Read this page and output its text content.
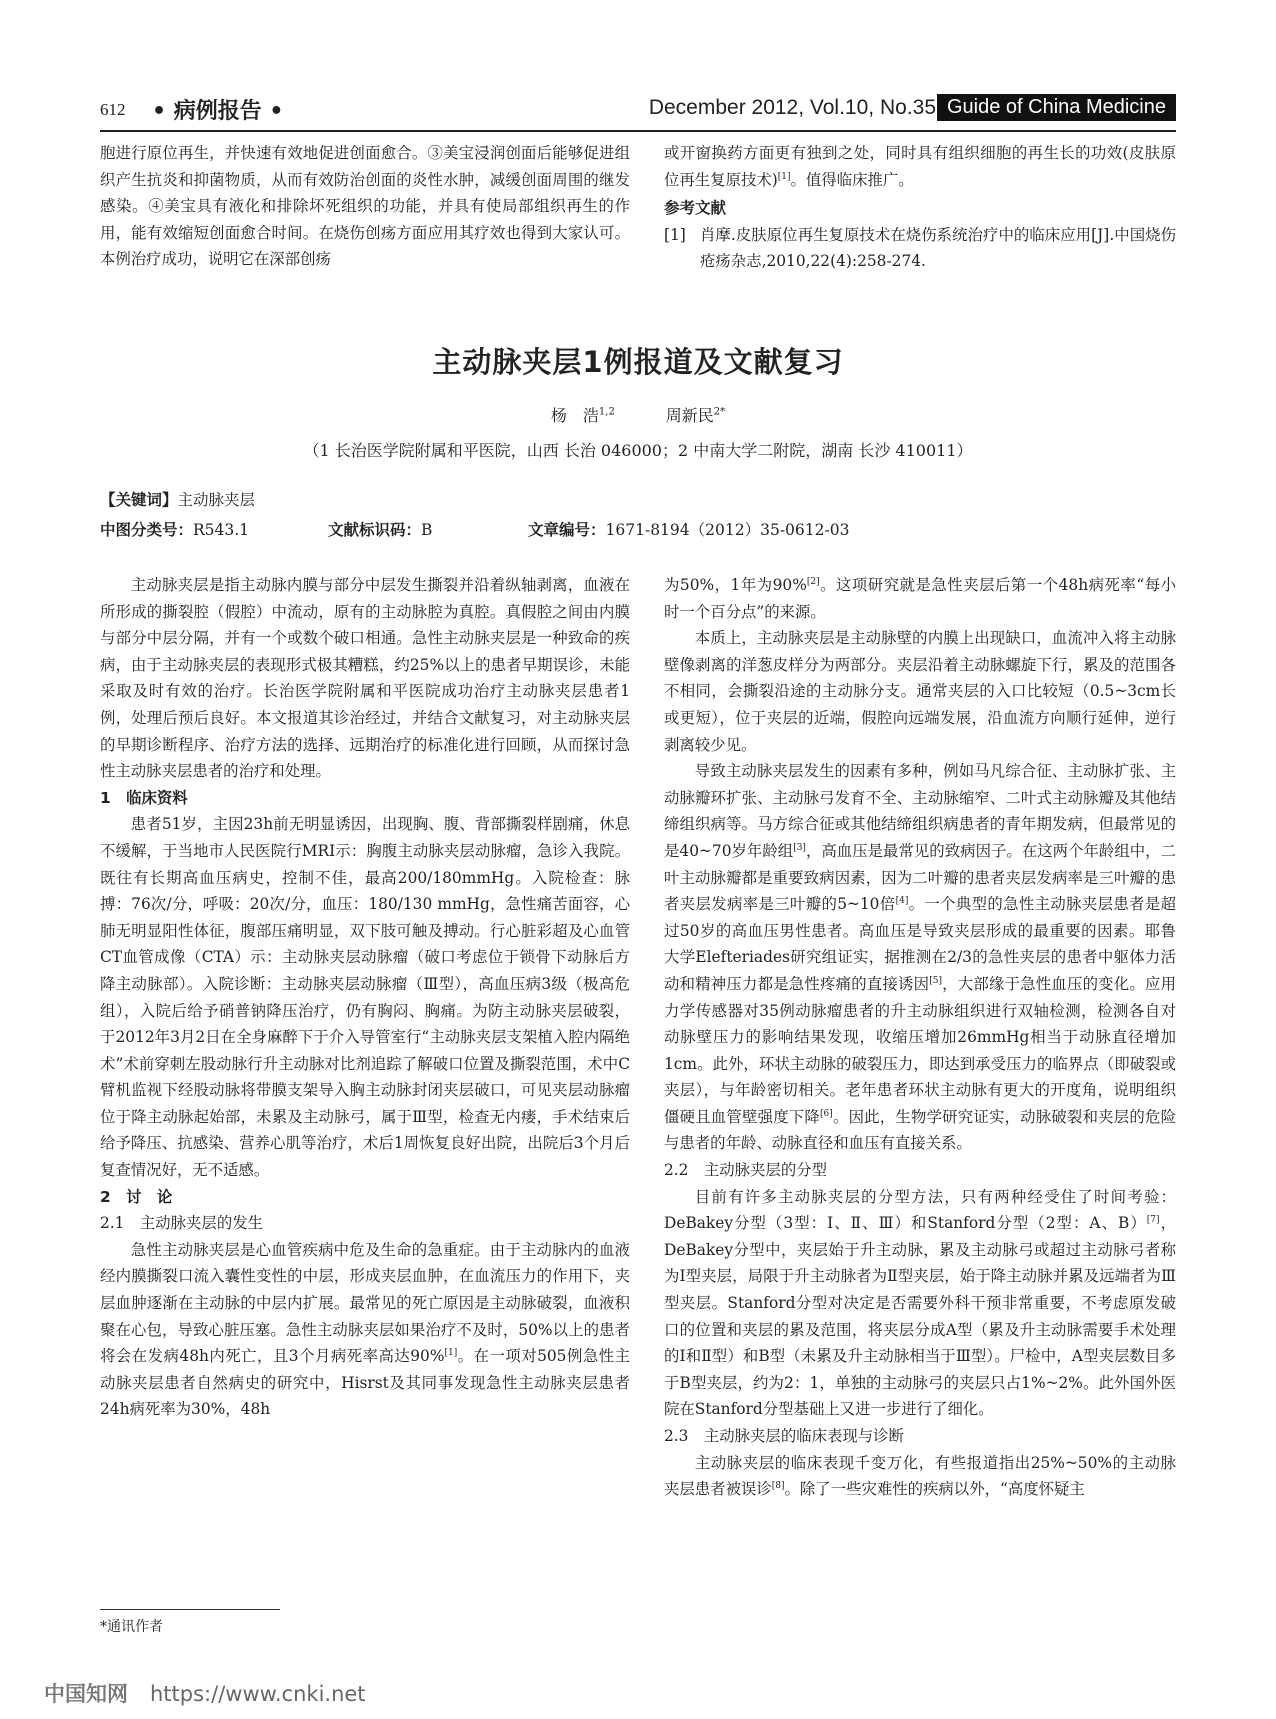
612 • 病例报告 •	December 2012, Vol.10, No.35 Guide of China Medicine

胞进行原位再生，并快速有效地促进创面愈合。③美宝浸润创面后能够促进组织产生抗炎和抑菌物质，从而有效防治创面的炎性水肿，减缓创面周围的继发感染。④美宝具有液化和排除坏死组织的功能，并具有使局部组织再生的作用，能有效缩短创面愈合时间。在烧伤创疡方面应用其疗效也得到大家认可。本例治疗成功，说明它在深部创疡

或开窗换药方面更有独到之处，同时具有组织细胞的再生长的功效(皮肤原位再生复原技术)[1]。值得临床推广。

参考文献
[1] 肖摩.皮肤原位再生复原技术在烧伤系统治疗中的临床应用[J].中国烧伤疮疡杂志,2010,22(4):258-274.
主动脉夹层1例报道及文献复习
杨　浩$^{1,2}$	周新民$^{2*}$
（1 长治医学院附属和平医院，山西 长治 046000；2 中南大学二附院，湖南 长沙 410011）
【关键词】主动脉夹层
中图分类号：R543.1	文献标识码：B	文章编号：1671-8194（2012）35-0612-03

主动脉夹层是指主动脉内膜与部分中层发生撕裂并沿着纵轴剥离，血液在所形成的撕裂腔（假腔）中流动，原有的主动脉腔为真腔。真假腔之间由内膜与部分中层分隔，并有一个或数个破口相通。急性主动脉夹层是一种致命的疾病，由于主动脉夹层的表现形式极其糟糕，约25%以上的患者早期误诊，未能采取及时有效的治疗。长治医学院附属和平医院成功治疗主动脉夹层患者1例，处理后预后良好。本文报道其诊治经过，并结合文献复习，对主动脉夹层的早期诊断程序、治疗方法的选择、远期治疗的标准化进行回顾，从而探讨急性主动脉夹层患者的治疗和处理。

1　临床资料

患者51岁，主因23h前无明显诱因，出现胸、腹、背部撕裂样剧痛，休息不缓解，于当地市人民医院行MRI示：胸腹主动脉夹层动脉瘤，急诊入我院。既往有长期高血压病史，控制不佳，最高200/180mmHg。入院检查：脉搏：76次/分，呼吸：20次/分，血压：180/130 mmHg，急性痛苦面容，心肺无明显阳性体征，腹部压痛明显，双下肢可触及搏动。行心脏彩超及心血管CT血管成像（CTA）示：主动脉夹层动脉瘤（破口考虑位于锁骨下动脉后方降主动脉部）。入院诊断：主动脉夹层动脉瘤（Ⅲ型），高血压病3级（极高危组），入院后给予硝普钠降压治疗，仍有胸闷、胸痛。为防主动脉夹层破裂，于2012年3月2日在全身麻醉下于介入导管室行“主动脉夹层支架植入腔内隔绝术”术前穿刺左股动脉行升主动脉对比剂追踪了解破口位置及撕裂范围，术中C臂机监视下经股动脉将带膜支架导入胸主动脉封闭夹层破口，可见夹层动脉瘤位于降主动脉起始部，未累及主动脉弓，属于Ⅲ型，检查无内瘘，手术结束后给予降压、抗感染、营养心肌等治疗，术后1周恢复良好出院，出院后3个月后复查情况好，无不适感。

2　讨　论

2.1　主动脉夹层的发生

急性主动脉夹层是心血管疾病中危及生命的急重症。由于主动脉内的血液经内膜撕裂口流入囊性变性的中层，形成夹层血肿，在血流压力的作用下，夹层血肿逐渐在主动脉的中层内扩展。最常见的死亡原因是主动脉破裂，血液积聚在心包，导致心脏压塞。急性主动脉夹层如果治疗不及时，50%以上的患者将会在发病48h内死亡，且3个月病死率高达90%[1]。在一项对505例急性主动脉夹层患者自然病史的研究中，Hisrst及其同事发现急性主动脉夹层患者24h病死率为30%，48h

为50%，1年为90%[2]。这项研究就是急性夹层后第一个48h病死率“每小时一个百分点”的来源。

本质上，主动脉夹层是主动脉壁的内膜上出现缺口，血流冲入将主动脉壁像剥离的洋葱皮样分为两部分。夹层沿着主动脉螺旋下行，累及的范围各不相同，会撕裂沿途的主动脉分支。通常夹层的入口比较短（0.5~3cm长或更短），位于夹层的近端，假腔向远端发展，沿血流方向顺行延伸，逆行剥离较少见。

导致主动脉夹层发生的因素有多种，例如马凡综合征、主动脉扩张、主动脉瓣环扩张、主动脉弓发育不全、主动脉缩窄、二叶式主动脉瓣及其他结缔组织病等。马方综合征或其他结缔组织病患者的青年期发病，但最常见的是40~70岁年龄组[3]，高血压是最常见的致病因子。在这两个年龄组中，二叶主动脉瓣都是重要致病因素，因为二叶瓣的患者夹层发病率是三叶瓣的患者夹层发病率是三叶瓣的5~10倍[4]。一个典型的急性主动脉夹层患者是超过50岁的高血压男性患者。高血压是导致夹层形成的最重要的因素。耶鲁大学Elefteriades研究组证实，据推测在2/3的急性夹层的患者中躯体力活动和精神压力都是急性疼痛的直接诱因[5]，大部缘于急性血压的变化。应用力学传感器对35例动脉瘤患者的升主动脉组织进行双轴检测，检测各自对动脉壁压力的影响结果发现，收缩压增加26mmHg相当于动脉直径增加1cm。此外，环状主动脉的破裂压力，即达到承受压力的临界点（即破裂或夹层），与年龄密切相关。老年患者环状主动脉有更大的开度角，说明组织僵硬且血管壁强度下降[6]。因此，生物学研究证实，动脉破裂和夹层的危险与患者的年龄、动脉直径和血压有直接关系。

2.2　主动脉夹层的分型

目前有许多主动脉夹层的分型方法，只有两种经受住了时间考验：DeBakey分型（3型：Ⅰ、Ⅱ、Ⅲ）和Stanford分型（2型：A、B）[7]，DeBakey分型中，夹层始于升主动脉，累及主动脉弓或超过主动脉弓者称为Ⅰ型夹层，局限于升主动脉者为Ⅱ型夹层，始于降主动脉并累及远端者为Ⅲ型夹层。Stanford分型对决定是否需要外科干预非常重要，不考虑原发破口的位置和夹层的累及范围，将夹层分成A型（累及升主动脉需要手术处理的Ⅰ和Ⅱ型）和B型（未累及升主动脉相当于Ⅲ型）。尸检中，A型夹层数目多于B型夹层，约为2：1，单独的主动脉弓的夹层只占1%~2%。此外国外医院在Stanford分型基础上又进一步进行了细化。

2.3　主动脉夹层的临床表现与诊断

主动脉夹层的临床表现千变万化，有些报道指出25%~50%的主动脉夹层患者被误诊[8]。除了一些灾难性的疾病以外，“高度怀疑主

*通讯作者
中国知网 https://www.cnki.net
